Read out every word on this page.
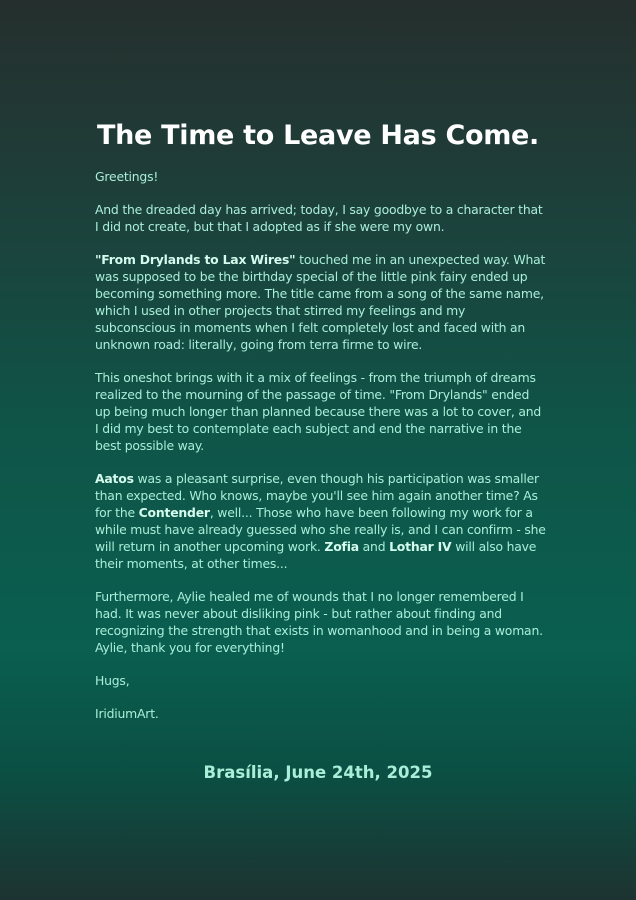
The Time to Leave Has Come.

Greetings!

And the dreaded day has arrived; today, I say goodbye to a character that I did not create, but that I adopted as if she were my own.

"From Drylands to Lax Wires" touched me in an unexpected way. What was supposed to be the birthday special of the little pink fairy ended up becoming something more. The title came from a song of the same name, which I used in other projects that stirred my feelings and my subconscious in moments when I felt completely lost and faced with an unknown road: literally, going from terra firme to wire.

This oneshot brings with it a mix of feelings - from the triumph of dreams realized to the mourning of the passage of time. "From Drylands" ended up being much longer than planned because there was a lot to cover, and I did my best to contemplate each subject and end the narrative in the best possible way.

Aatos was a pleasant surprise, even though his participation was smaller than expected. Who knows, maybe you'll see him again another time? As for the Contender, well... Those who have been following my work for a while must have already guessed who she really is, and I can confirm - she will return in another upcoming work. Zofia and Lothar IV will also have their moments, at other times...

Furthermore, Aylie healed me of wounds that I no longer remembered I had. It was never about disliking pink - but rather about finding and recognizing the strength that exists in womanhood and in being a woman. Aylie, thank you for everything!

Hugs,

IridiumArt.

Brasília, June 24th, 2025
